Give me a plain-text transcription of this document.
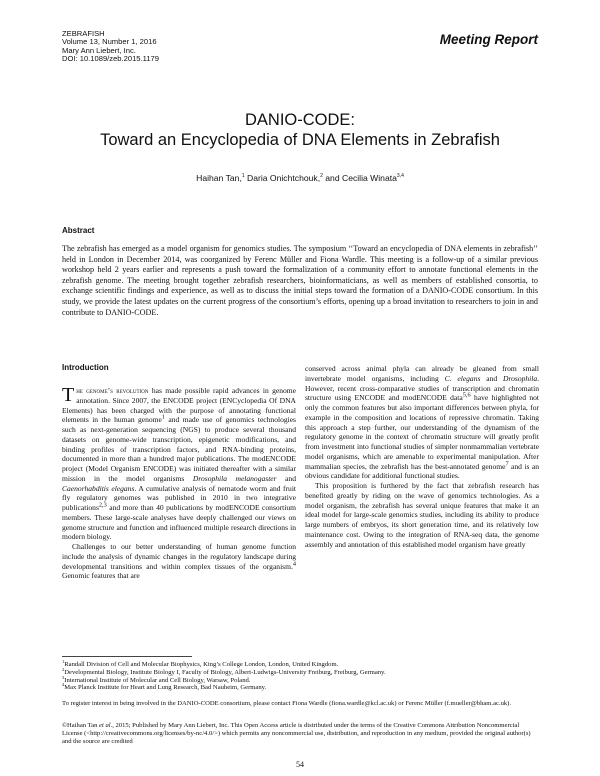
ZEBRAFISH
Volume 13, Number 1, 2016
Mary Ann Liebert, Inc.
DOI: 10.1089/zeb.2015.1179
Meeting Report
DANIO-CODE:
Toward an Encyclopedia of DNA Elements in Zebrafish
Haihan Tan,$^1$ Daria Onichtchouk,$^2$ and Cecilia Winata$^{3,4}$
Abstract
The zebrafish has emerged as a model organism for genomics studies. The symposium ‘‘Toward an encyclopedia of DNA elements in zebrafish’’ held in London in December 2014, was coorganized by Ferenc Müller and Fiona Wardle. This meeting is a follow-up of a similar previous workshop held 2 years earlier and represents a push toward the formalization of a community effort to annotate functional elements in the zebrafish genome. The meeting brought together zebrafish researchers, bioinformaticians, as well as members of established consortia, to exchange scientific findings and experience, as well as to discuss the initial steps toward the formation of a DANIO-CODE consortium. In this study, we provide the latest updates on the current progress of the consortium’s efforts, opening up a broad invitation to researchers to join in and contribute to DANIO-CODE.
Introduction

The genome’s revolution has made possible rapid advances in genome annotation. Since 2007, the ENCODE project (ENCyclopedia Of DNA Elements) has been charged with the purpose of annotating functional elements in the human genome$^1$ and made use of genomics technologies such as next-generation sequencing (NGS) to produce several thousand datasets on genome-wide transcription, epigenetic modifications, and binding profiles of transcription factors, and RNA-binding proteins, documented in more than a hundred major publications. The modENCODE project (Model Organism ENCODE) was initiated thereafter with a similar mission in the model organisms Drosophila melanogaster and Caenorhabditis elegans. A cumulative analysis of nematode worm and fruit fly regulatory genomes was published in 2010 in two integrative publications$^{2,3}$ and more than 40 publications by modENCODE consortium members. These large-scale analyses have deeply challenged our views on genome structure and function and influenced multiple research directions in modern biology.

Challenges to our better understanding of human genome function include the analysis of dynamic changes in the regulatory landscape during developmental transitions and within complex tissues of the organism.$^4$ Genomic features that are

conserved across animal phyla can already be gleaned from small invertebrate model organisms, including C. elegans and Drosophila. However, recent cross-comparative studies of transcription and chromatin structure using ENCODE and modENCODE data$^{5,6}$ have highlighted not only the common features but also important differences between phyla, for example in the composition and locations of repressive chromatin. Taking this approach a step further, our understanding of the dynamism of the regulatory genome in the context of chromatin structure will greatly profit from investment into functional studies of simpler nonmammalian vertebrate model organisms, which are amenable to experimental manipulation. After mammalian species, the zebrafish has the best-annotated genome$^7$ and is an obvious candidate for additional functional studies.

This proposition is furthered by the fact that zebrafish research has benefited greatly by riding on the wave of genomics technologies. As a model organism, the zebrafish has several unique features that make it an ideal model for large-scale genomics studies, including its ability to produce large numbers of embryos, its short generation time, and its relatively low maintenance cost. Owing to the integration of RNA-seq data, the genome assembly and annotation of this established model organism have greatly

$^1$Randall Division of Cell and Molecular Biophysics, King’s College London, London, United Kingdom.
$^2$Developmental Biology, Institute Biology I, Faculty of Biology, Albert-Ludwigs-University Freiburg, Freiburg, Germany.
$^3$International Institute of Molecular and Cell Biology, Warsaw, Poland.
$^4$Max Planck Institute for Heart and Lung Research, Bad Nauheim, Germany.
To register interest in being involved in the DANIO-CODE consortium, please contact Fiona Wardle (fiona.wardle@kcl.ac.uk) or Ferenc Müller (f.mueller@bham.ac.uk).
©Haihan Tan et al., 2015; Published by Mary Ann Liebert, Inc. This Open Access article is distributed under the terms of the Creative Commons Attribution Noncommercial License (<http://creativecommons.org/licenses/by-nc/4.0/>) which permits any noncommercial use, distribution, and reproduction in any medium, provided the original author(s) and the source are credited
54
